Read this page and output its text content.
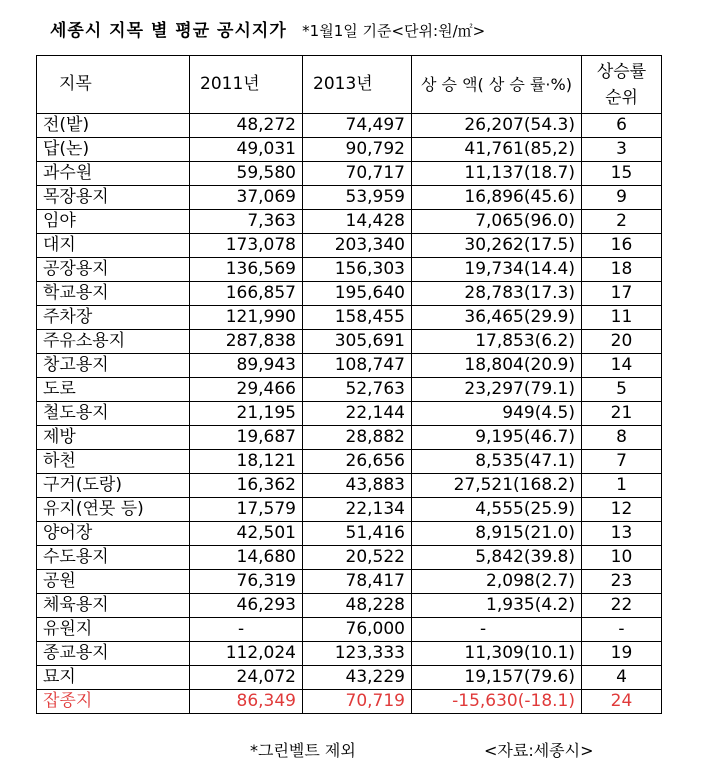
세종시 지목 별 평균 공시지가 *1월1일 기준<단위:원/㎡>
지목	2011년	2013년	상 승 액( 상 승 률·%)	상승률 순위
전(밭)	48,272	74,497	26,207(54.3)	6
답(논)	49,031	90,792	41,761(85,2)	3
과수원	59,580	70,717	11,137(18.7)	15
목장용지	37,069	53,959	16,896(45.6)	9
임야	7,363	14,428	7,065(96.0)	2
대지	173,078	203,340	30,262(17.5)	16
공장용지	136,569	156,303	19,734(14.4)	18
학교용지	166,857	195,640	28,783(17.3)	17
주차장	121,990	158,455	36,465(29.9)	11
주유소용지	287,838	305,691	17,853(6.2)	20
창고용지	89,943	108,747	18,804(20.9)	14
도로	29,466	52,763	23,297(79.1)	5
철도용지	21,195	22,144	949(4.5)	21
제방	19,687	28,882	9,195(46.7)	8
하천	18,121	26,656	8,535(47.1)	7
구거(도랑)	16,362	43,883	27,521(168.2)	1
유지(연못 등)	17,579	22,134	4,555(25.9)	12
양어장	42,501	51,416	8,915(21.0)	13
수도용지	14,680	20,522	5,842(39.8)	10
공원	76,319	78,417	2,098(2.7)	23
체육용지	46,293	48,228	1,935(4.2)	22
유원지	-	76,000	-	-
종교용지	112,024	123,333	11,309(10.1)	19
묘지	24,072	43,229	19,157(79.6)	4
잡종지	86,349	70,719	-15,630(-18.1)	24
*그린벨트 제외	<자료:세종시>
